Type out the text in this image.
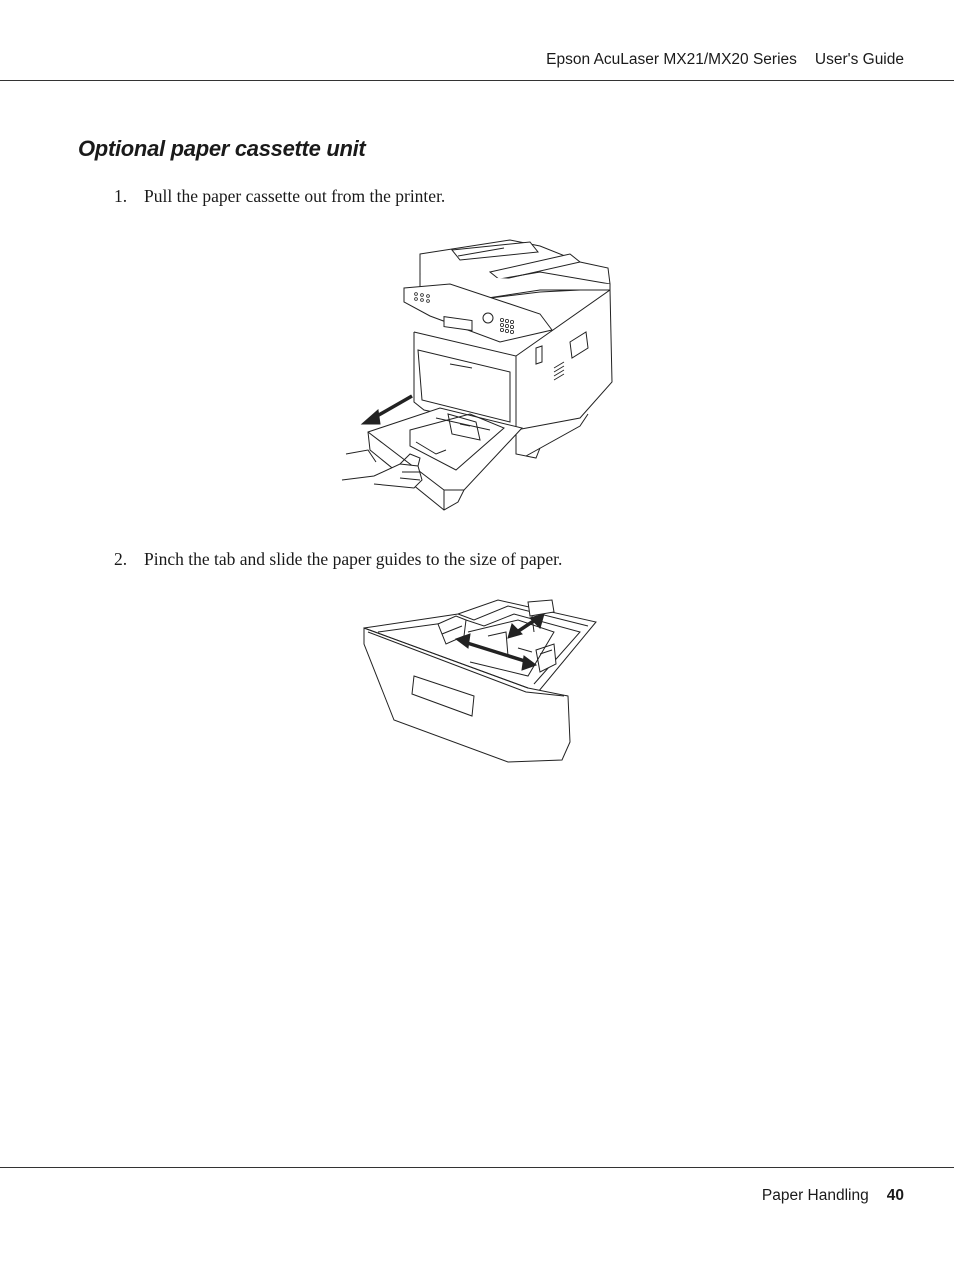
Epson AcuLaser MX21/MX20 Series User's Guide
Optional paper cassette unit
1. Pull the paper cassette out from the printer.
2. Pinch the tab and slide the paper guides to the size of paper.
Paper Handling 40
